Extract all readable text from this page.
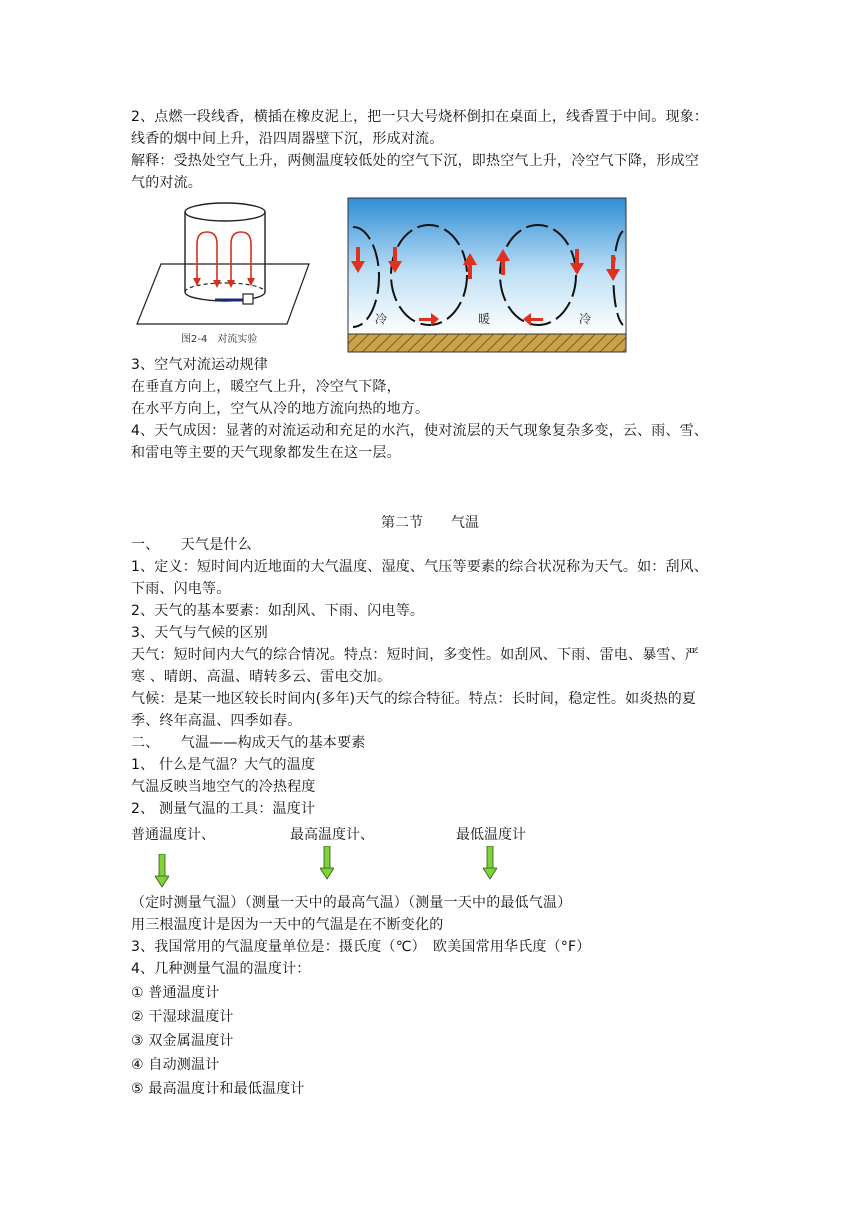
2、点燃一段线香，横插在橡皮泥上，把一只大号烧杯倒扣在桌面上，线香置于中间。现象：
线香的烟中间上升，沿四周器壁下沉，形成对流。
解释：受热处空气上升，两侧温度较低处的空气下沉，即热空气上升，冷空气下降，形成空
气的对流。
图2-4　对流实验
冷	暖	冷
3、空气对流运动规律
在垂直方向上，暖空气上升，冷空气下降，
在水平方向上，空气从冷的地方流向热的地方。
4、天气成因：显著的对流运动和充足的水汽，使对流层的天气现象复杂多变，云、雨、雪、
和雷电等主要的天气现象都发生在这一层。
第二节 气温
一、　　天气是什么
1、定义：短时间内近地面的大气温度、湿度、气压等要素的综合状况称为天气。如：刮风、
下雨、闪电等。
2、天气的基本要素：如刮风、下雨、闪电等。
3、天气与气候的区别
天气：短时间内大气的综合情况。特点：短时间，多变性。如刮风、下雨、雷电、暴雪、严
寒 、晴朗、高温、晴转多云、雷电交加。
气候：是某一地区较长时间内(多年)天气的综合特征。特点：长时间，稳定性。如炎热的夏
季、终年高温、四季如春。
二、　　气温——构成天气的基本要素
1、 什么是气温？大气的温度
气温反映当地空气的冷热程度
2、 测量气温的工具：温度计
普通温度计、	最高温度计、	最低温度计
（定时测量气温）（测量一天中的最高气温）（测量一天中的最低气温）
用三根温度计是因为一天中的气温是在不断变化的
3、我国常用的气温度量单位是：摄氏度（℃）　欧美国常用华氏度（°F）
4、几种测量气温的温度计：
① 普通温度计
② 干湿球温度计
③ 双金属温度计
④ 自动测温计
⑤ 最高温度计和最低温度计
